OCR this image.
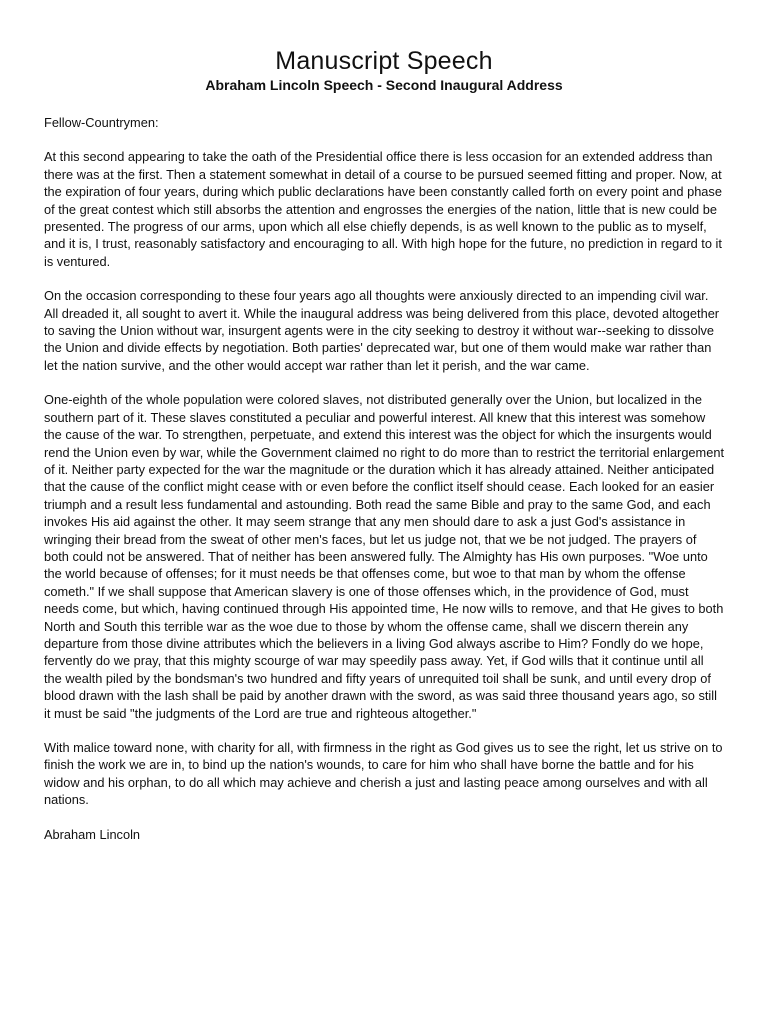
Manuscript Speech
Abraham Lincoln Speech - Second Inaugural Address

Fellow-Countrymen:

At this second appearing to take the oath of the Presidential office there is less occasion for an extended address than there was at the first. Then a statement somewhat in detail of a course to be pursued seemed fitting and proper. Now, at the expiration of four years, during which public declarations have been constantly called forth on every point and phase of the great contest which still absorbs the attention and engrosses the energies of the nation, little that is new could be presented. The progress of our arms, upon which all else chiefly depends, is as well known to the public as to myself, and it is, I trust, reasonably satisfactory and encouraging to all. With high hope for the future, no prediction in regard to it is ventured.

On the occasion corresponding to these four years ago all thoughts were anxiously directed to an impending civil war. All dreaded it, all sought to avert it. While the inaugural address was being delivered from this place, devoted altogether to saving the Union without war, insurgent agents were in the city seeking to destroy it without war--seeking to dissolve the Union and divide effects by negotiation. Both parties' deprecated war, but one of them would make war rather than let the nation survive, and the other would accept war rather than let it perish, and the war came.

One-eighth of the whole population were colored slaves, not distributed generally over the Union, but localized in the southern part of it. These slaves constituted a peculiar and powerful interest. All knew that this interest was somehow the cause of the war. To strengthen, perpetuate, and extend this interest was the object for which the insurgents would rend the Union even by war, while the Government claimed no right to do more than to restrict the territorial enlargement of it. Neither party expected for the war the magnitude or the duration which it has already attained. Neither anticipated that the cause of the conflict might cease with or even before the conflict itself should cease. Each looked for an easier triumph and a result less fundamental and astounding. Both read the same Bible and pray to the same God, and each invokes His aid against the other. It may seem strange that any men should dare to ask a just God's assistance in wringing their bread from the sweat of other men's faces, but let us judge not, that we be not judged. The prayers of both could not be answered. That of neither has been answered fully. The Almighty has His own purposes. "Woe unto the world because of offenses; for it must needs be that offenses come, but woe to that man by whom the offense cometh." If we shall suppose that American slavery is one of those offenses which, in the providence of God, must needs come, but which, having continued through His appointed time, He now wills to remove, and that He gives to both North and South this terrible war as the woe due to those by whom the offense came, shall we discern therein any departure from those divine attributes which the believers in a living God always ascribe to Him? Fondly do we hope, fervently do we pray, that this mighty scourge of war may speedily pass away. Yet, if God wills that it continue until all the wealth piled by the bondsman's two hundred and fifty years of unrequited toil shall be sunk, and until every drop of blood drawn with the lash shall be paid by another drawn with the sword, as was said three thousand years ago, so still it must be said "the judgments of the Lord are true and righteous altogether."

With malice toward none, with charity for all, with firmness in the right as God gives us to see the right, let us strive on to finish the work we are in, to bind up the nation's wounds, to care for him who shall have borne the battle and for his widow and his orphan, to do all which may achieve and cherish a just and lasting peace among ourselves and with all nations.

Abraham Lincoln
